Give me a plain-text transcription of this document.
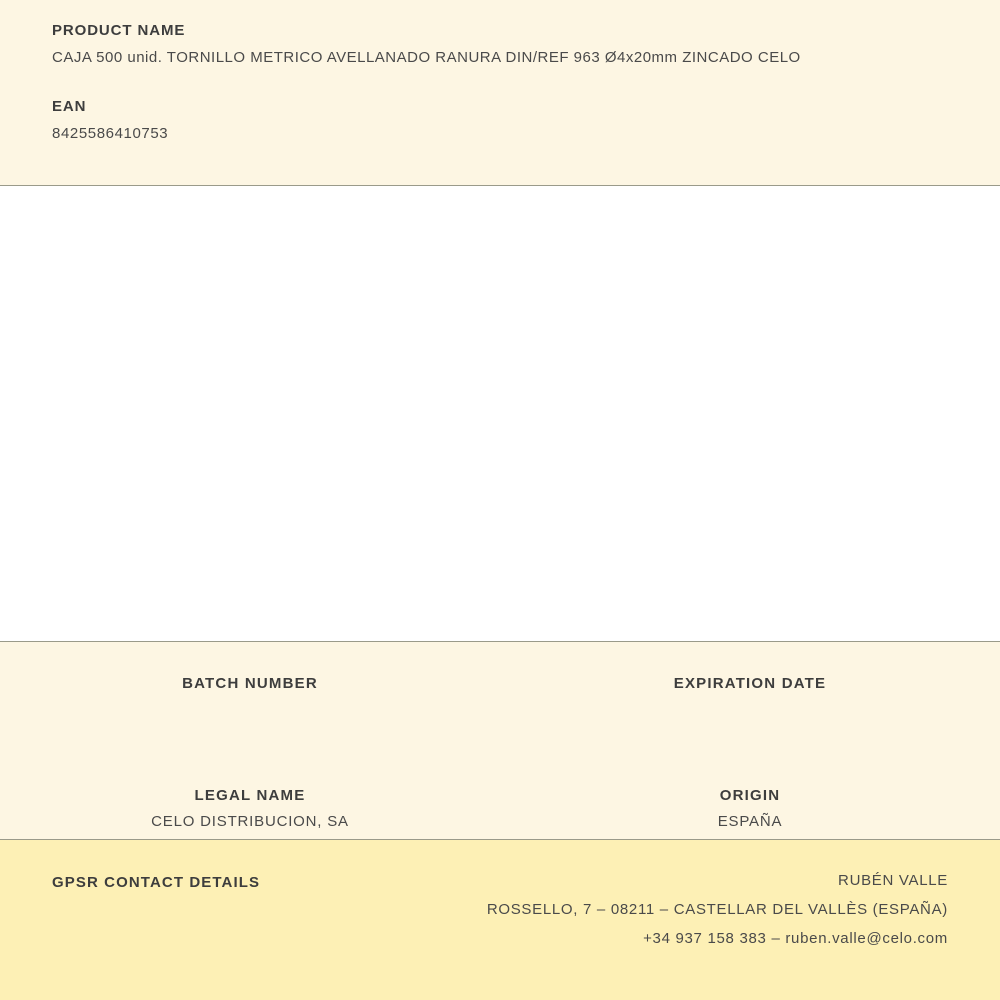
PRODUCT NAME

CAJA 500 unid. TORNILLO METRICO AVELLANADO RANURA DIN/REF 963 Ø4x20mm ZINCADO CELO

EAN

8425586410753

BATCH NUMBER	EXPIRATION DATE

LEGAL NAME

CELO DISTRIBUCION, SA

ORIGIN

ESPAÑA

GPSR CONTACT DETAILS	RUBÉN VALLE

ROSSELLO, 7 – 08211 – CASTELLAR DEL VALLÈS (ESPAÑA)

+34 937 158 383 – ruben.valle@celo.com
